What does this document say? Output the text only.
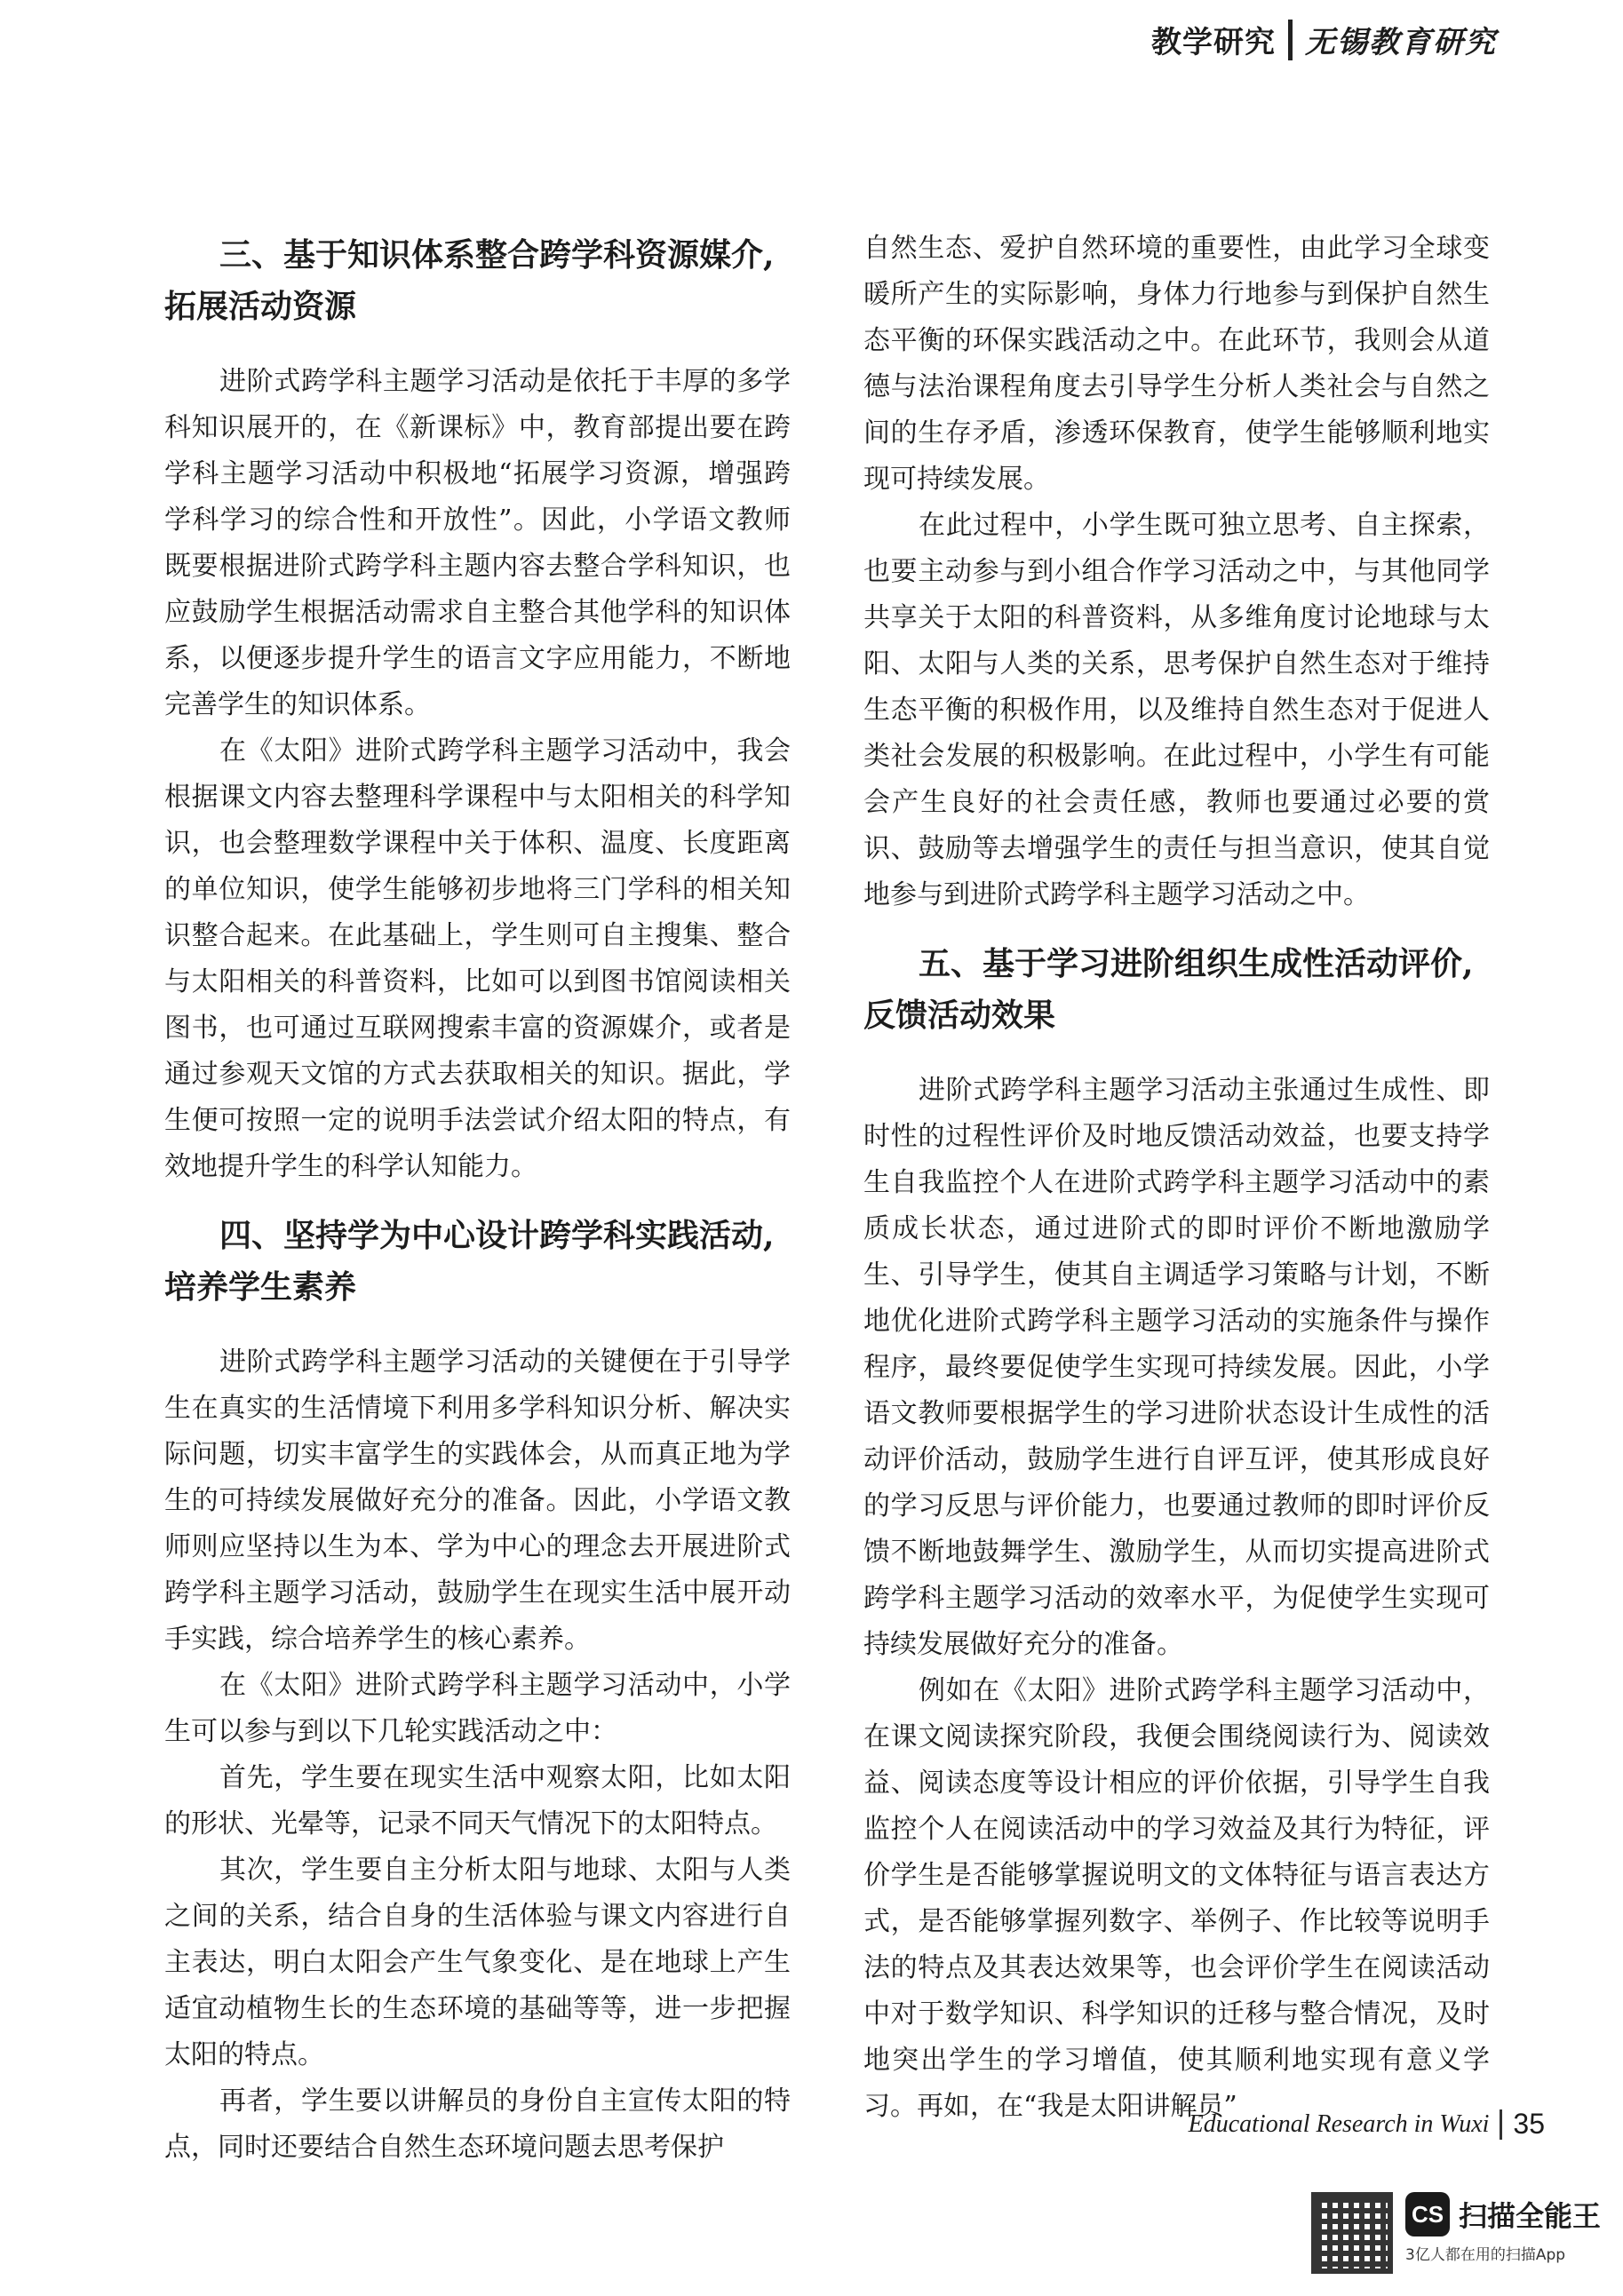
教学研究 无锡教育研究
三、基于知识体系整合跨学科资源媒介,
拓展活动资源

进阶式跨学科主题学习活动是依托于丰厚的多学科知识展开的，在《新课标》中，教育部提出要在跨学科主题学习活动中积极地“拓展学习资源，增强跨学科学习的综合性和开放性”。因此，小学语文教师既要根据进阶式跨学科主题内容去整合学科知识，也应鼓励学生根据活动需求自主整合其他学科的知识体系，以便逐步提升学生的语言文字应用能力，不断地完善学生的知识体系。

在《太阳》进阶式跨学科主题学习活动中，我会根据课文内容去整理科学课程中与太阳相关的科学知识，也会整理数学课程中关于体积、温度、长度距离的单位知识，使学生能够初步地将三门学科的相关知识整合起来。在此基础上，学生则可自主搜集、整合与太阳相关的科普资料，比如可以到图书馆阅读相关图书，也可通过互联网搜索丰富的资源媒介，或者是通过参观天文馆的方式去获取相关的知识。据此，学生便可按照一定的说明手法尝试介绍太阳的特点，有效地提升学生的科学认知能力。

四、坚持学为中心设计跨学科实践活动,
培养学生素养

进阶式跨学科主题学习活动的关键便在于引导学生在真实的生活情境下利用多学科知识分析、解决实际问题，切实丰富学生的实践体会，从而真正地为学生的可持续发展做好充分的准备。因此，小学语文教师则应坚持以生为本、学为中心的理念去开展进阶式跨学科主题学习活动，鼓励学生在现实生活中展开动手实践，综合培养学生的核心素养。

在《太阳》进阶式跨学科主题学习活动中，小学生可以参与到以下几轮实践活动之中：

首先，学生要在现实生活中观察太阳，比如太阳的形状、光晕等，记录不同天气情况下的太阳特点。

其次，学生要自主分析太阳与地球、太阳与人类之间的关系，结合自身的生活体验与课文内容进行自主表达，明白太阳会产生气象变化、是在地球上产生适宜动植物生长的生态环境的基础等等，进一步把握太阳的特点。

再者，学生要以讲解员的身份自主宣传太阳的特点，同时还要结合自然生态环境问题去思考保护

自然生态、爱护自然环境的重要性，由此学习全球变暖所产生的实际影响，身体力行地参与到保护自然生态平衡的环保实践活动之中。在此环节，我则会从道德与法治课程角度去引导学生分析人类社会与自然之间的生存矛盾，渗透环保教育，使学生能够顺利地实现可持续发展。

在此过程中，小学生既可独立思考、自主探索，也要主动参与到小组合作学习活动之中，与其他同学共享关于太阳的科普资料，从多维角度讨论地球与太阳、太阳与人类的关系，思考保护自然生态对于维持生态平衡的积极作用，以及维持自然生态对于促进人类社会发展的积极影响。在此过程中，小学生有可能会产生良好的社会责任感，教师也要通过必要的赏识、鼓励等去增强学生的责任与担当意识，使其自觉地参与到进阶式跨学科主题学习活动之中。

五、基于学习进阶组织生成性活动评价,
反馈活动效果

进阶式跨学科主题学习活动主张通过生成性、即时性的过程性评价及时地反馈活动效益，也要支持学生自我监控个人在进阶式跨学科主题学习活动中的素质成长状态，通过进阶式的即时评价不断地激励学生、引导学生，使其自主调适学习策略与计划，不断地优化进阶式跨学科主题学习活动的实施条件与操作程序，最终要促使学生实现可持续发展。因此，小学语文教师要根据学生的学习进阶状态设计生成性的活动评价活动，鼓励学生进行自评互评，使其形成良好的学习反思与评价能力，也要通过教师的即时评价反馈不断地鼓舞学生、激励学生，从而切实提高进阶式跨学科主题学习活动的效率水平，为促使学生实现可持续发展做好充分的准备。

例如在《太阳》进阶式跨学科主题学习活动中，在课文阅读探究阶段，我便会围绕阅读行为、阅读效益、阅读态度等设计相应的评价依据，引导学生自我监控个人在阅读活动中的学习效益及其行为特征，评价学生是否能够掌握说明文的文体特征与语言表达方式，是否能够掌握列数字、举例子、作比较等说明手法的特点及其表达效果等，也会评价学生在阅读活动中对于数学知识、科学知识的迁移与整合情况，及时地突出学生的学习增值，使其顺利地实现有意义学习。再如，在“我是太阳讲解员”

Educational Research in Wuxi 35
CS 扫描全能王
3亿人都在用的扫描App
